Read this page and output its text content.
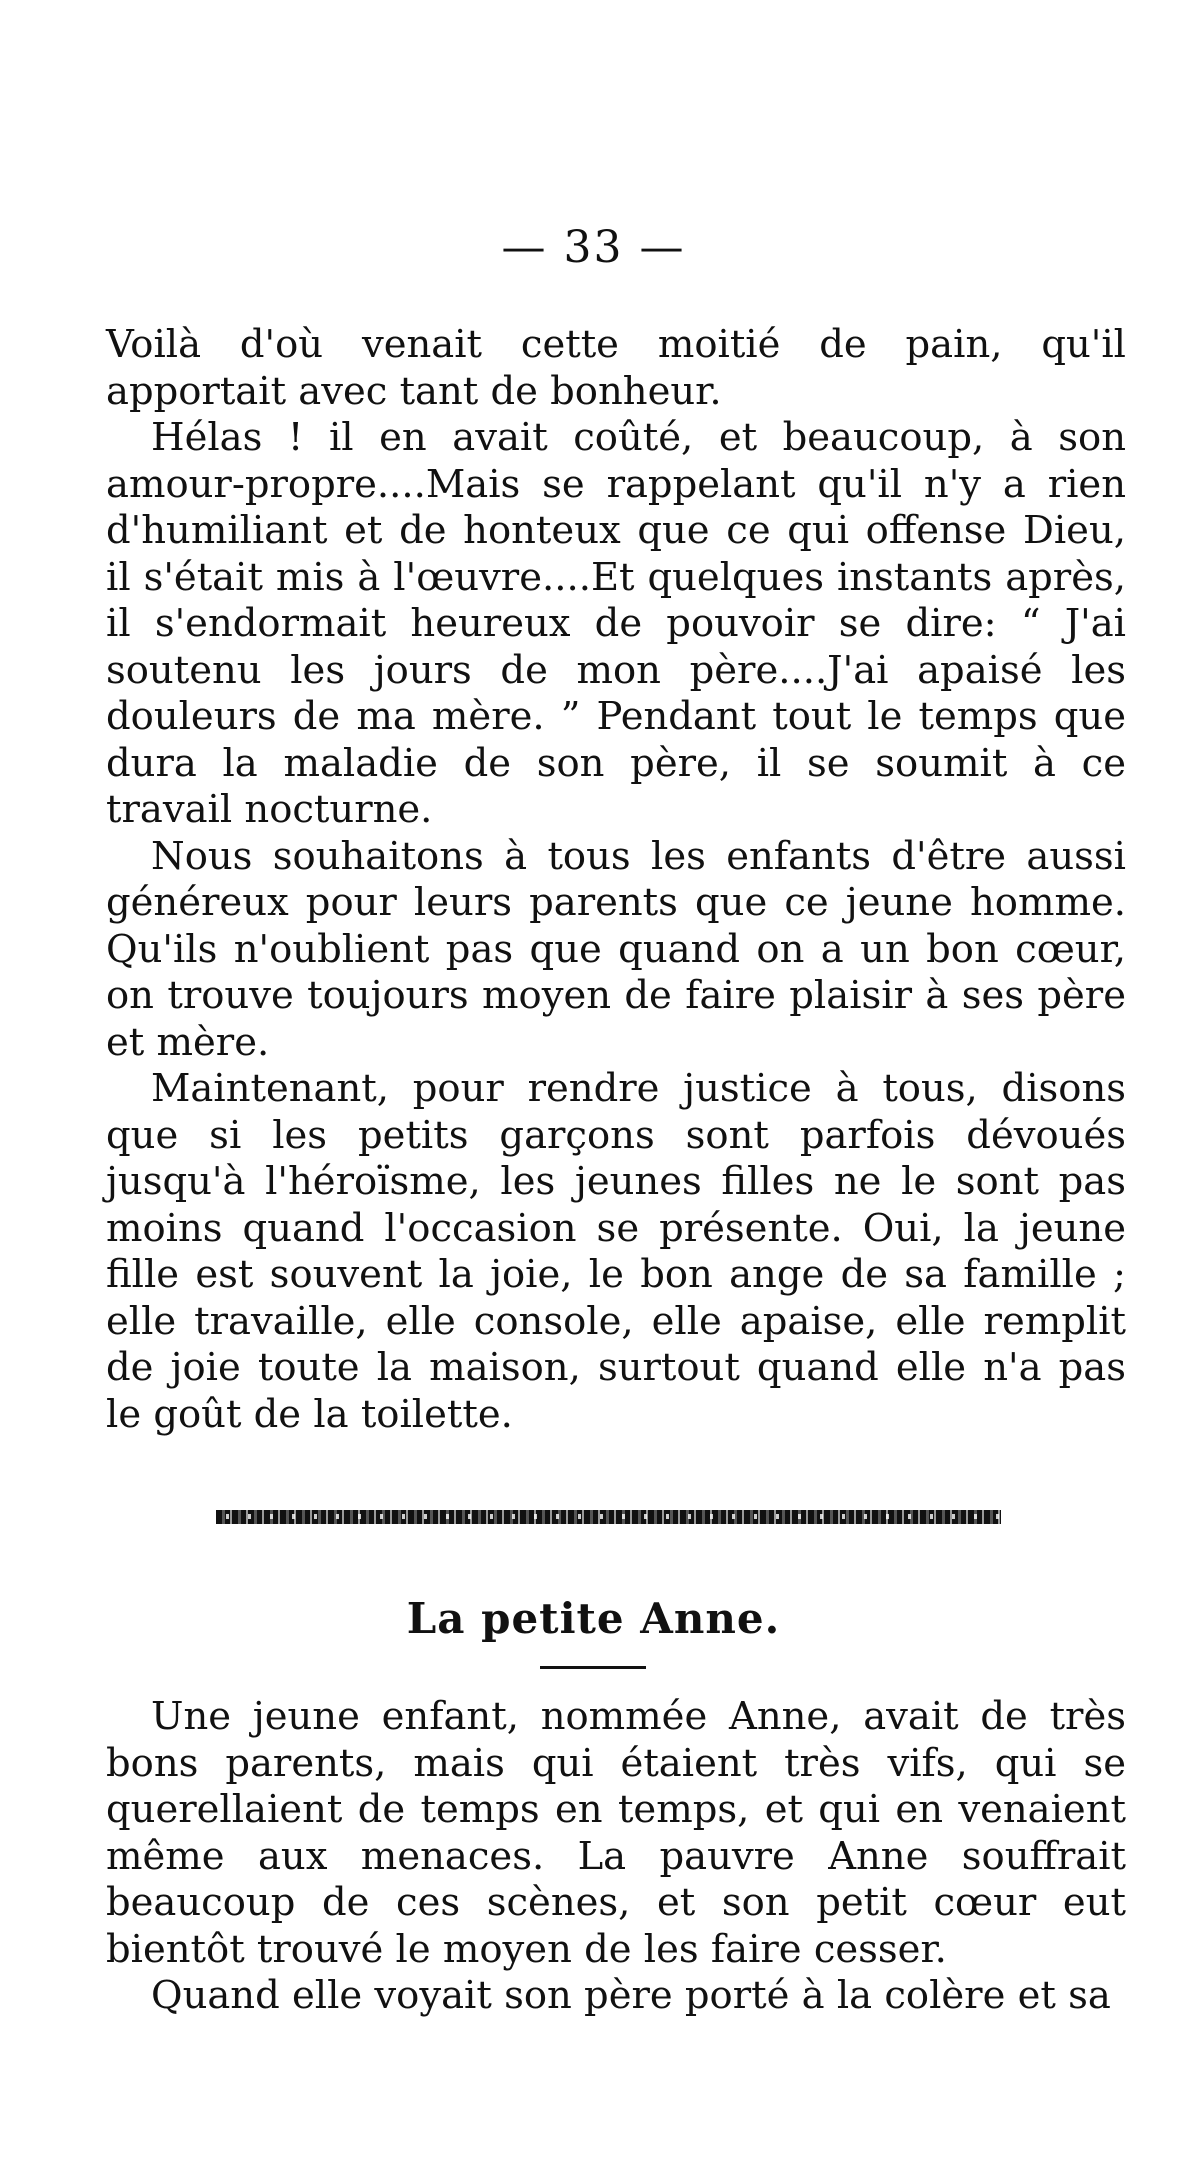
— 33 —

Voilà d'où venait cette moitié de pain, qu'il apportait avec tant de bonheur.

Hélas ! il en avait coûté, et beaucoup, à son amour-propre....Mais se rappelant qu'il n'y a rien d'humiliant et de honteux que ce qui offense Dieu, il s'était mis à l'œuvre....Et quelques instants après, il s'endormait heureux de pouvoir se dire: “ J'ai soutenu les jours de mon père....J'ai apaisé les douleurs de ma mère. ” Pendant tout le temps que dura la maladie de son père, il se soumit à ce travail nocturne.

Nous souhaitons à tous les enfants d'être aussi généreux pour leurs parents que ce jeune homme. Qu'ils n'oublient pas que quand on a un bon cœur, on trouve toujours moyen de faire plaisir à ses père et mère.

Maintenant, pour rendre justice à tous, disons que si les petits garçons sont parfois dévoués jusqu'à l'héroïsme, les jeunes filles ne le sont pas moins quand l'occasion se présente. Oui, la jeune fille est souvent la joie, le bon ange de sa famille ; elle travaille, elle console, elle apaise, elle remplit de joie toute la maison, surtout quand elle n'a pas le goût de la toilette.

La petite Anne.

Une jeune enfant, nommée Anne, avait de très bons parents, mais qui étaient très vifs, qui se querellaient de temps en temps, et qui en venaient même aux menaces. La pauvre Anne souffrait beaucoup de ces scènes, et son petit cœur eut bientôt trouvé le moyen de les faire cesser.

Quand elle voyait son père porté à la colère et sa
